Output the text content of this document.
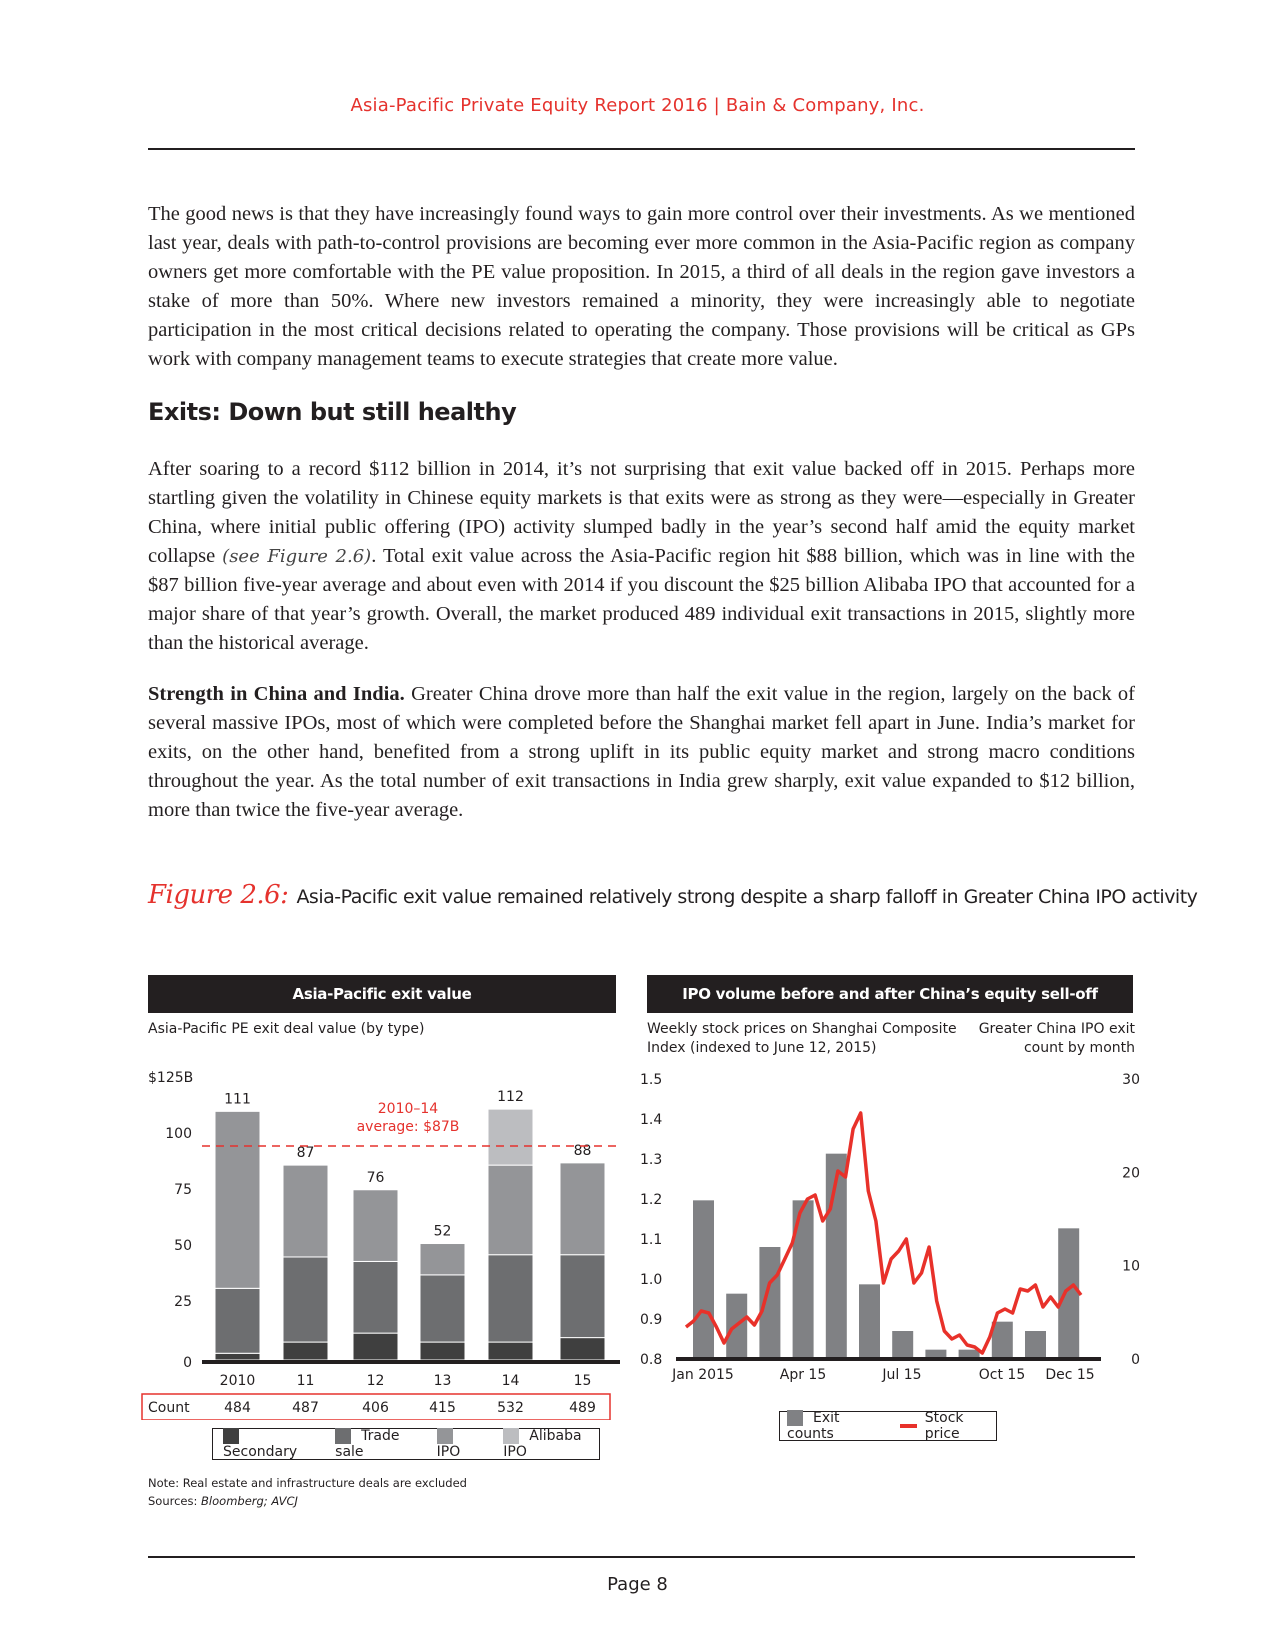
Asia-Pacific Private Equity Report 2016 | Bain & Company, Inc.
The good news is that they have increasingly found ways to gain more control over their investments. As we mentioned last year, deals with path-to-control provisions are becoming ever more common in the Asia-Pacific region as company owners get more comfortable with the PE value proposition. In 2015, a third of all deals in the region gave investors a stake of more than 50%. Where new investors remained a minority, they were increasingly able to negotiate participation in the most critical decisions related to operating the company. Those provisions will be critical as GPs work with company management teams to execute strategies that create more value.
Exits: Down but still healthy
After soaring to a record $112 billion in 2014, it’s not surprising that exit value backed off in 2015. Perhaps more startling given the volatility in Chinese equity markets is that exits were as strong as they were—especially in Greater China, where initial public offering (IPO) activity slumped badly in the year’s second half amid the equity market collapse (see Figure 2.6). Total exit value across the Asia-Pacific region hit $88 billion, which was in line with the $87 billion five-year average and about even with 2014 if you discount the $25 billion Alibaba IPO that accounted for a major share of that year’s growth. Overall, the market produced 489 individual exit transactions in 2015, slightly more than the historical average.
Strength in China and India. Greater China drove more than half the exit value in the region, largely on the back of several massive IPOs, most of which were completed before the Shanghai market fell apart in June. India’s market for exits, on the other hand, benefited from a strong uplift in its public equity market and strong macro conditions throughout the year. As the total number of exit transactions in India grew sharply, exit value expanded to $12 billion, more than twice the five-year average.
Figure 2.6: Asia-Pacific exit value remained relatively strong despite a sharp falloff in Greater China IPO activity
Asia-Pacific exit value
Asia-Pacific PE exit deal value (by type)
$125B
100
75
50
25
0
111
87
76
52
112
88
2010–14
average: $87B
2010	11	12	13	14	15
Count 484	487	406	415	532	489
Secondary
Trade sale	IPO
Alibaba IPO
Note: Real estate and infrastructure deals are excluded
Sources: Bloomberg; AVCJ
IPO volume before and after China’s equity sell-off
Weekly stock prices on Shanghai Composite
Index (indexed to June 12, 2015)
Greater China IPO exit
count by month
0.8
0.9
1.0
1.1
1.2
1.3
1.4
1.5
0
10
20
30
Jan 2015	Apr 15	Jul 15	Oct 15 Dec 15
Exit counts
Stock price
Page 8
